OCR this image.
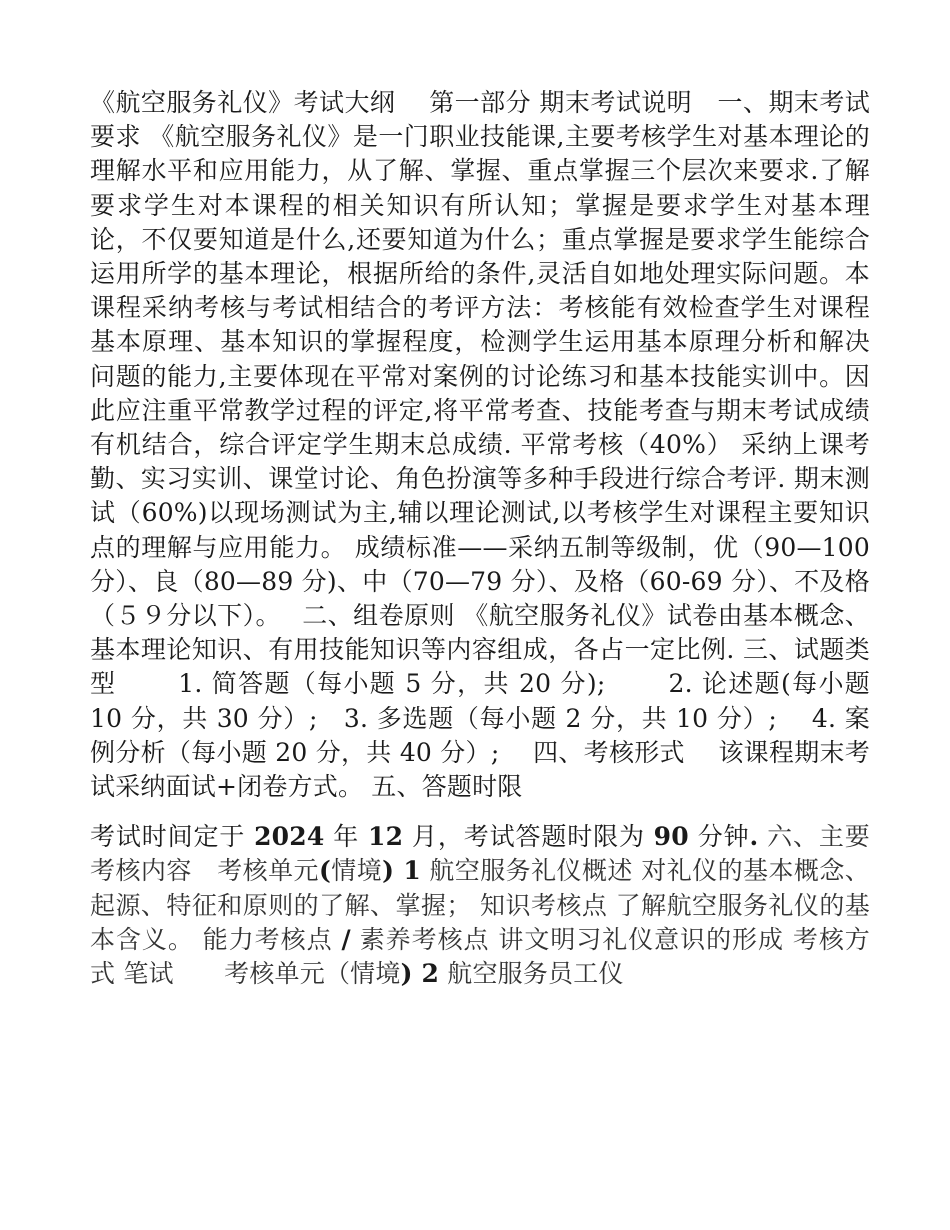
《航空服务礼仪》考试大纲　 第一部分 期末考试说明　一、期末考试要求 《航空服务礼仪》是一门职业技能课,主要考核学生对基本理论的理解水平和应用能力，从了解、掌握、重点掌握三个层次来要求.了解要求学生对本课程的相关知识有所认知；掌握是要求学生对基本理论，不仅要知道是什么,还要知道为什么；重点掌握是要求学生能综合运用所学的基本理论，根据所给的条件,灵活自如地处理实际问题。本课程采纳考核与考试相结合的考评方法：考核能有效检查学生对课程基本原理、基本知识的掌握程度，检测学生运用基本原理分析和解决问题的能力,主要体现在平常对案例的讨论练习和基本技能实训中。因此应注重平常教学过程的评定,将平常考查、技能考查与期末考试成绩有机结合，综合评定学生期末总成绩. 平常考核（40%） 采纳上课考勤、实习实训、课堂讨论、角色扮演等多种手段进行综合考评. 期末测试（60%)以现场测试为主,辅以理论测试,以考核学生对课程主要知识点的理解与应用能力。 成绩标准——采纳五制等级制，优（90—100 分）、良（80—89 分)、中（70—79 分）、及格（60-69 分）、不及格（５９分以下）。　 二、组卷原则 《航空服务礼仪》试卷由基本概念、基本理论知识、有用技能知识等内容组成，各占一定比例. 三、试题类型　　 1. 简答题（每小题 5 分，共 20 分);　　 2. 论述题(每小题 10 分，共 30 分）;　3. 多选题（每小题 2 分，共 10 分）;　 4. 案例分析（每小题 20 分，共 40 分）;　 四、考核形式　 该课程期末考试采纳面试+闭卷方式。 五、答题时限

考试时间定于 2024 年 12 月，考试答题时限为 90 分钟. 六、主要考核内容　考核单元(情境) 1 航空服务礼仪概述 对礼仪的基本概念、起源、特征和原则的了解、掌握； 知识考核点 了解航空服务礼仪的基本含义。 能力考核点 / 素养考核点 讲文明习礼仪意识的形成 考核方式 笔试　　考核单元（情境) 2 航空服务员工仪
